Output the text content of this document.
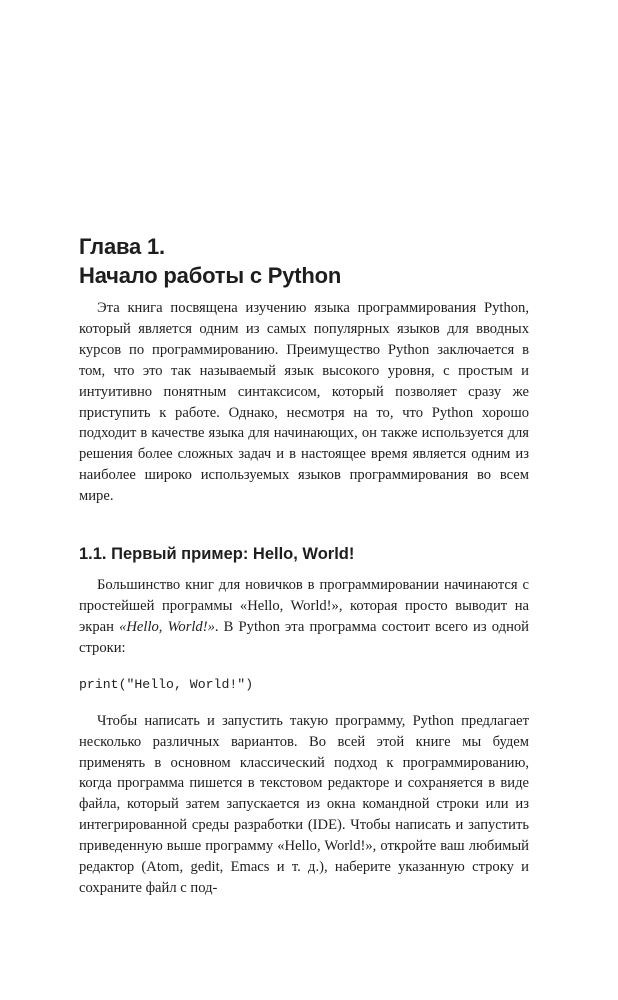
Глава 1.
Начало работы с Python

Эта книга посвящена изучению языка программирования Python, который является одним из самых популярных языков для вводных курсов по программированию. Преимущество Python заключается в том, что это так называемый язык высокого уровня, с простым и интуитивно понятным синтаксисом, который позволяет сразу же приступить к работе. Однако, несмотря на то, что Python хорошо подходит в качестве языка для начинающих, он также используется для решения более сложных задач и в настоящее время является одним из наиболее широко используемых языков программирования во всем мире.

1.1. Первый пример: Hello, World!

Большинство книг для новичков в программировании начинаются с простейшей программы «Hello, World!», которая просто выводит на экран «Hello, World!». В Python эта программа состоит всего из одной строки:

print("Hello, World!")

Чтобы написать и запустить такую программу, Python предлагает несколько различных вариантов. Во всей этой книге мы будем применять в основном классический подход к программированию, когда программа пишется в текстовом редакторе и сохраняется в виде файла, который затем запускается из окна командной строки или из интегрированной среды разработки (IDE). Чтобы написать и запустить приведенную выше программу «Hello, World!», откройте ваш любимый редактор (Atom, gedit, Emacs и т. д.), наберите указанную строку и сохраните файл с под-
